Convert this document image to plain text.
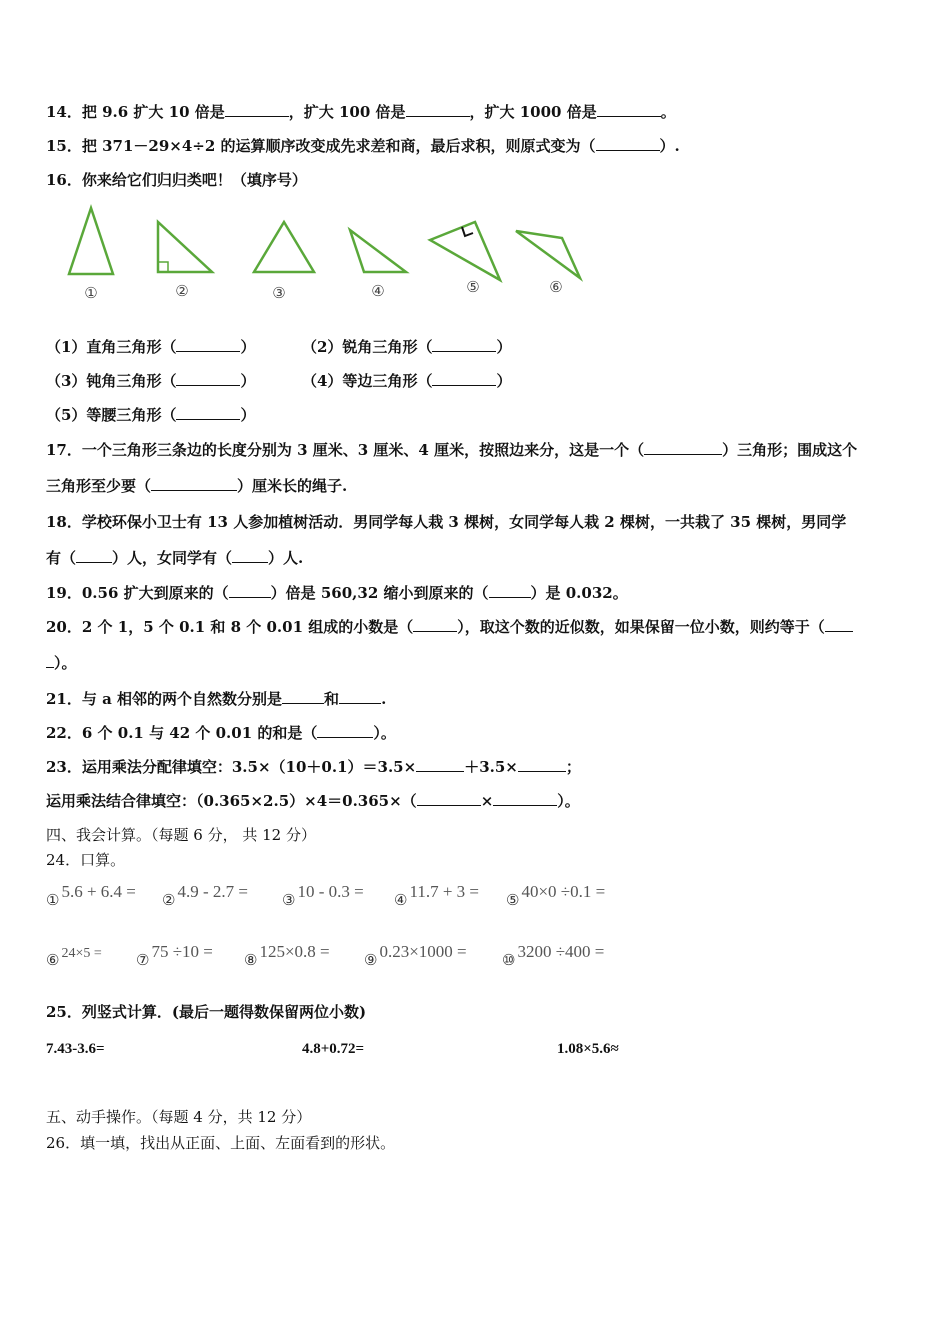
14．把 9.6 扩大 10 倍是	，扩大 100 倍是	，扩大 1000 倍是	。
15．把 371－29×4÷2 的运算顺序改变成先求差和商，最后求积，则原式变为（	）.
16．你来给它们归归类吧！（填序号）
①	②	③	④	⑤	⑥
（1）直角三角形（	）	（2）锐角三角形（	）
（3）钝角三角形（	）	（4）等边三角形（	）
（5）等腰三角形（	）
17．一个三角形三条边的长度分别为 3 厘米、3 厘米、4 厘米，按照边来分，这是一个（	）三角形；围成这个
三角形至少要（	）厘米长的绳子.
18．学校环保小卫士有 13 人参加植树活动．男同学每人栽 3 棵树，女同学每人栽 2 棵树，一共栽了 35 棵树，男同学
有（ ）人，女同学有（ ）人.
19．0.56 扩大到原来的（	）倍是 560,32 缩小到原来的（	）是 0.032。
20．2 个 1，5 个 0.1 和 8 个 0.01 组成的小数是（	），取这个数的近似数，如果保留一位小数，则约等于（
）。
21．与 a 相邻的两个自然数分别是	和	.
22．6 个 0.1 与 42 个 0.01 的和是（	）。
23．运用乘法分配律填空：3.5×（10＋0.1）＝3.5×	＋3.5×	；
运用乘法结合律填空：（0.365×2.5）×4＝0.365×（	×	）。
四、我会计算。（每题 6 分， 共 12 分）
24．口算。
① 5.6 + 6.4 = ② 4.9 - 2.7 = ③ 10 - 0.3 = ④ 11.7 + 3 = ⑤ 40×0 ÷0.1 =
⑥ 24×5 = ⑦ 75 ÷10 = ⑧ 125×0.8 = ⑨ 0.23×1000 = ⑩ 3200 ÷400 =
25．列竖式计算．(最后一题得数保留两位小数)
7.43-3.6=	4.8+0.72=	1.08×5.6≈
五、动手操作。（每题 4 分，共 12 分）
26．填一填，找出从正面、上面、左面看到的形状。
